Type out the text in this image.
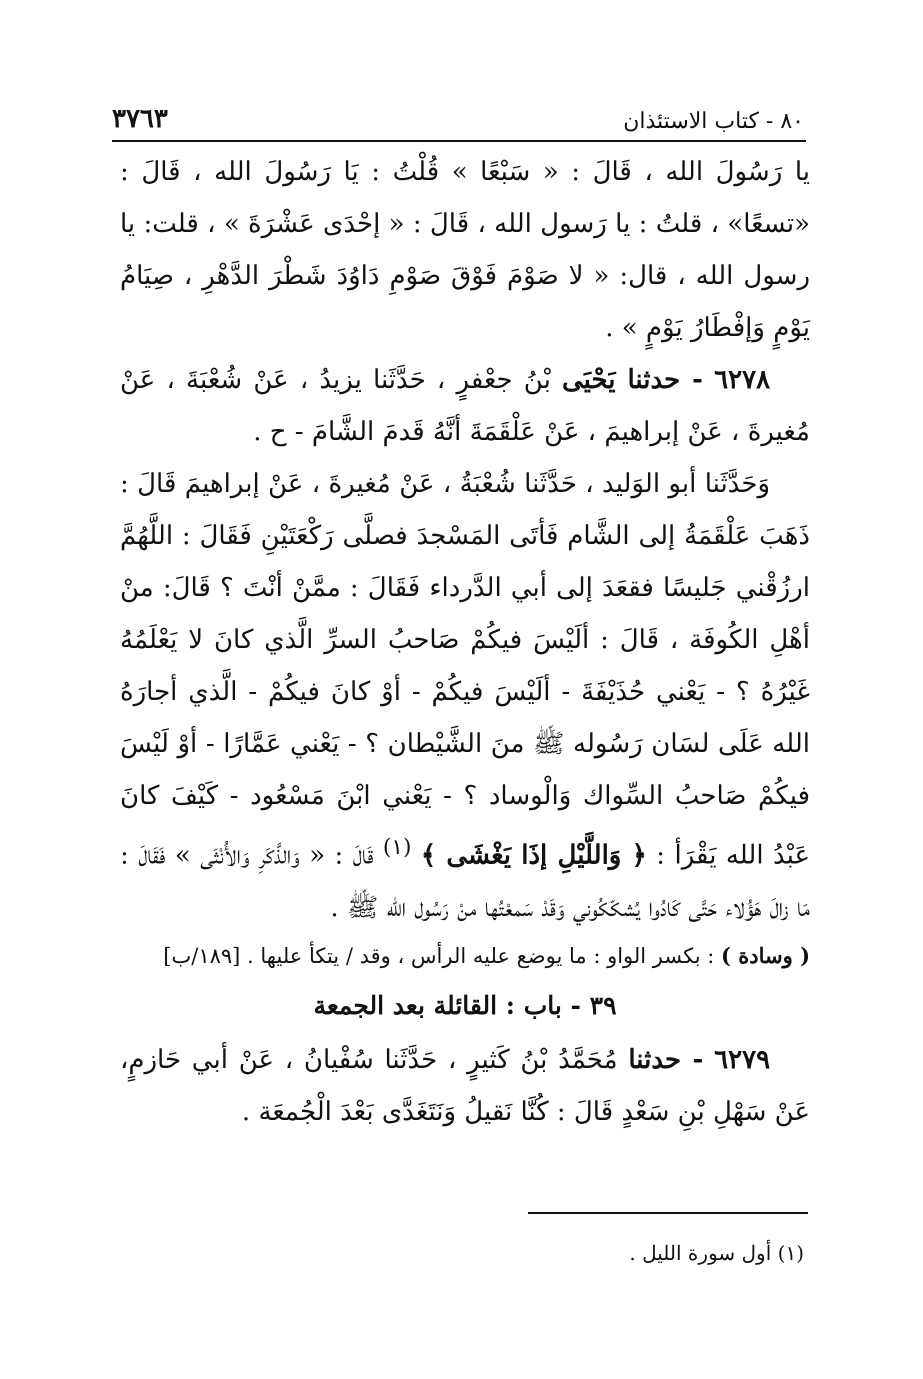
٨٠ - كتاب الاستئذان
٣٧٦٣

يا رَسُولَ الله ، قَالَ : « سَبْعًا » قُلْتُ : يَا رَسُولَ الله ، قَالَ : «تسعًا» ، قلتُ : يا رَسول الله ، قَالَ : « إحْدَى عَشْرَةَ » ، قلت: يا رسول الله ، قال: « لا صَوْمَ فَوْقَ صَوْمِ دَاوُدَ شَطْرَ الدَّهْرِ ، صِيَامُ يَوْمٍ وَإفْطَارُ يَوْمٍ » .

٦٢٧٨ - حدثنا يَحْيَى بْنُ جعْفرٍ ، حَدَّثَنا يزيدُ ، عَنْ شُعْبَةَ ، عَنْ مُغيرةَ ، عَنْ إبراهيمَ ، عَنْ عَلْقَمَةَ أنَّهُ قَدمَ الشَّامَ - ح .

وَحَدَّثَنا أبو الوَليد ، حَدَّثَنا شُعْبَةُ ، عَنْ مُغيرةَ ، عَنْ إبراهيمَ قَالَ : ذَهَبَ عَلْقَمَةُ إلى الشَّام فَأتَى المَسْجدَ فصلَّى رَكْعَتَيْنِ فَقَالَ : اللَّهُمَّ ارزُقْني جَليسًا فقعَدَ إلى أبي الدَّرداء فَقَالَ : ممَّنْ أنْتَ ؟ قَالَ: منْ أهْلِ الكُوفَة ، قَالَ : ألَيْسَ فيكُمْ صَاحبُ السرِّ الَّذي كانَ لا يَعْلَمُهُ غَيْرُهُ ؟ - يَعْني حُذَيْفَةَ - ألَيْسَ فيكُمْ - أوْ كانَ فيكُمْ - الَّذي أجارَهُ الله عَلَى لسَان رَسُوله ﷺ منَ الشَّيْطان ؟ - يَعْني عَمَّارًا - أوْ لَيْسَ فيكُمْ صَاحبُ السِّواك وَالْوساد ؟ - يَعْني ابْنَ مَسْعُود - كَيْفَ كانَ عَبْدُ الله يَقْرَأ : ﴿ وَاللَّيْلِ إذَا يَغْشَى ﴾ $^{(١)}$ قَالَ : « وَالذَّكَرِ وَالأُنْثَى » فَقَالَ : مَا زالَ هَؤُلاء حَتَّى كَادُوا يُشكّكُوني وَقَدْ سَمعْتُها منْ رَسُول الله ﷺ .

( وسادة ) : بكسر الواو : ما يوضع عليه الرأس ، وقد / يتكأ عليها . [١٨٩/ب]

٣٩ - باب : القائلة بعد الجمعة

٦٢٧٩ - حدثنا مُحَمَّدُ بْنُ كَثيرٍ ، حَدَّثَنا سُفْيانُ ، عَنْ أبي حَازمٍ، عَنْ سَهْلِ بْنِ سَعْدٍ قَالَ : كُنَّا نَقيلُ وَنَتَغَدَّى بَعْدَ الْجُمعَة .

(١) أول سورة الليل .
